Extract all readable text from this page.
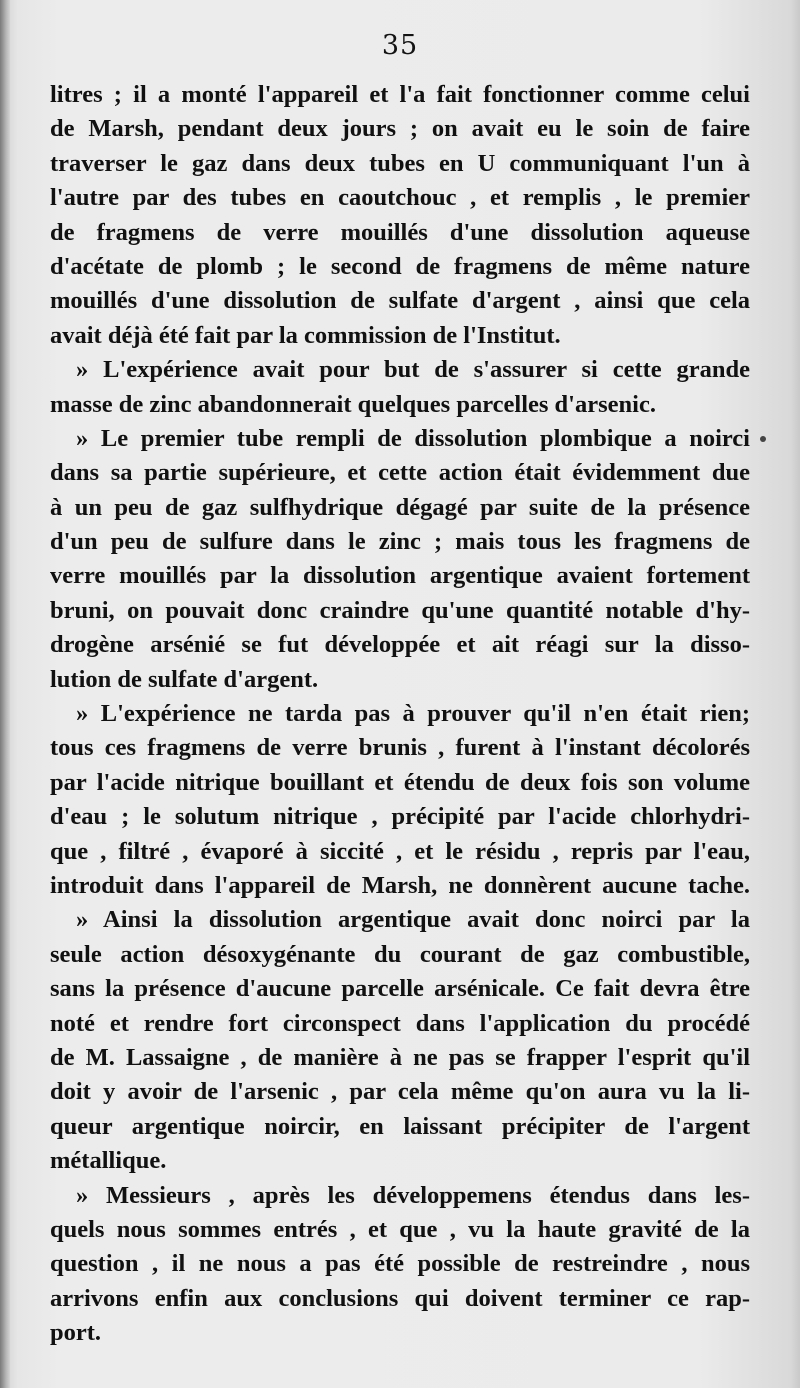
35
litres ; il a monté l'appareil et l'a fait fonctionner comme celui
de Marsh, pendant deux jours ; on avait eu le soin de faire
traverser le gaz dans deux tubes en U communiquant l'un à
l'autre par des tubes en caoutchouc , et remplis , le premier
de fragmens de verre mouillés d'une dissolution aqueuse
d'acétate de plomb ; le second de fragmens de même nature
mouillés d'une dissolution de sulfate d'argent , ainsi que cela
avait déjà été fait par la commission de l'Institut.
» L'expérience avait pour but de s'assurer si cette grande
masse de zinc abandonnerait quelques parcelles d'arsenic.
» Le premier tube rempli de dissolution plombique a noirci
dans sa partie supérieure, et cette action était évidemment due
à un peu de gaz sulfhydrique dégagé par suite de la présence
d'un peu de sulfure dans le zinc ; mais tous les fragmens de
verre mouillés par la dissolution argentique avaient fortement
bruni, on pouvait donc craindre qu'une quantité notable d'hy-
drogène arsénié se fut développée et ait réagi sur la disso-
lution de sulfate d'argent.
» L'expérience ne tarda pas à prouver qu'il n'en était rien;
tous ces fragmens de verre brunis , furent à l'instant décolorés
par l'acide nitrique bouillant et étendu de deux fois son volume
d'eau ; le solutum nitrique , précipité par l'acide chlorhydri-
que , filtré , évaporé à siccité , et le résidu , repris par l'eau,
introduit dans l'appareil de Marsh, ne donnèrent aucune tache.
» Ainsi la dissolution argentique avait donc noirci par la
seule action désoxygénante du courant de gaz combustible,
sans la présence d'aucune parcelle arsénicale. Ce fait devra être
noté et rendre fort circonspect dans l'application du procédé
de M. Lassaigne , de manière à ne pas se frapper l'esprit qu'il
doit y avoir de l'arsenic , par cela même qu'on aura vu la li-
queur argentique noircir, en laissant précipiter de l'argent
métallique.
» Messieurs , après les développemens étendus dans les-
quels nous sommes entrés , et que , vu la haute gravité de la
question , il ne nous a pas été possible de restreindre , nous
arrivons enfin aux conclusions qui doivent terminer ce rap-
port.
